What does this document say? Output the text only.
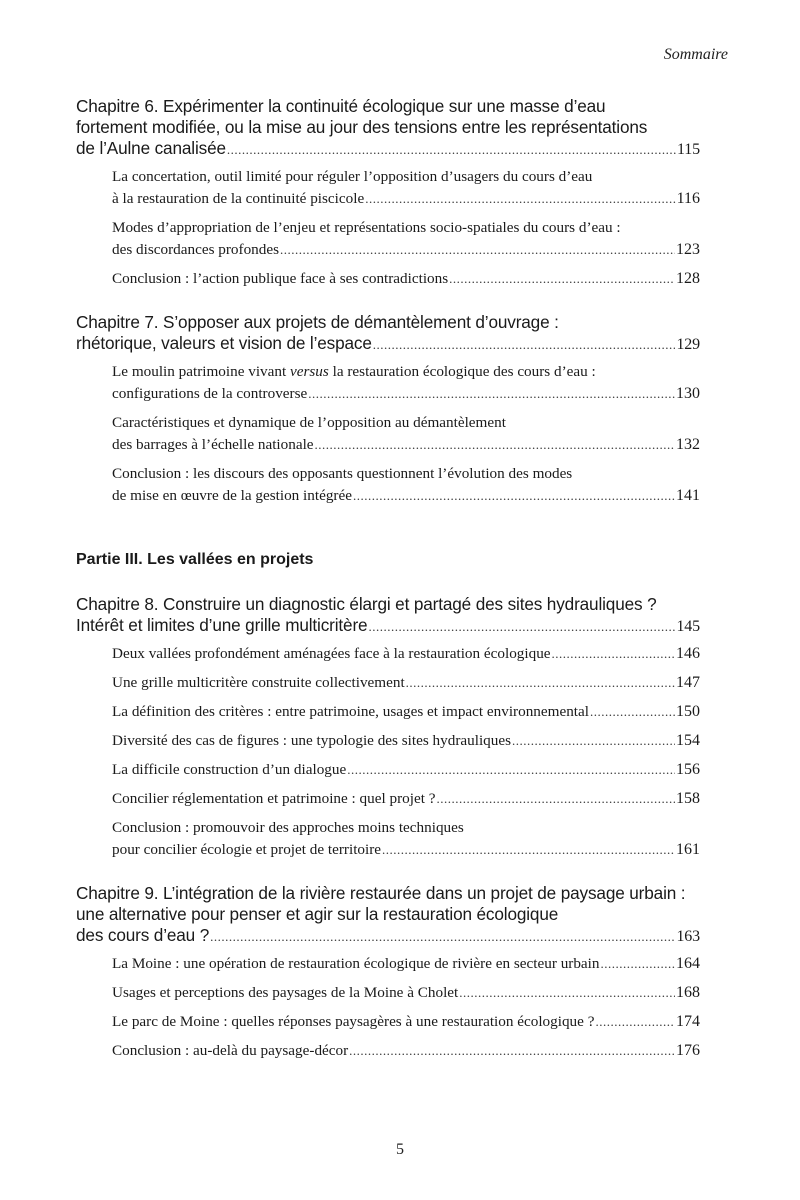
Sommaire
Chapitre 6. Expérimenter la continuité écologique sur une masse d’eau
fortement modifiée, ou la mise au jour des tensions entre les représentations
de l’Aulne canalisée .....	115
La concertation, outil limité pour réguler l’opposition d’usagers du cours d’eau
à la restauration de la continuité piscicole .....	116
Modes d’appropriation de l’enjeu et représentations socio-spatiales du cours d’eau :
des discordances profondes .....	123
Conclusion : l’action publique face à ses contradictions .....	128
Chapitre 7. S’opposer aux projets de démantèlement d’ouvrage :
rhétorique, valeurs et vision de l’espace .....	129
Le moulin patrimoine vivant versus la restauration écologique des cours d’eau :
configurations de la controverse .....	130
Caractéristiques et dynamique de l’opposition au démantèlement
des barrages à l’échelle nationale .....	132
Conclusion : les discours des opposants questionnent l’évolution des modes
de mise en œuvre de la gestion intégrée .....	141
Partie III. Les vallées en projets
Chapitre 8. Construire un diagnostic élargi et partagé des sites hydrauliques ?
Intérêt et limites d’une grille multicritère .....	145
Deux vallées profondément aménagées face à la restauration écologique .....	146
Une grille multicritère construite collectivement .....	147
La définition des critères : entre patrimoine, usages et impact environnemental .....	150
Diversité des cas de figures : une typologie des sites hydrauliques .....	154
La difficile construction d’un dialogue .....	156
Concilier réglementation et patrimoine : quel projet ? .....	158
Conclusion : promouvoir des approches moins techniques
pour concilier écologie et projet de territoire .....	161
Chapitre 9. L’intégration de la rivière restaurée dans un projet de paysage urbain :
une alternative pour penser et agir sur la restauration écologique
des cours d’eau ? .....	163
La Moine : une opération de restauration écologique de rivière en secteur urbain .....	164
Usages et perceptions des paysages de la Moine à Cholet .....	168
Le parc de Moine : quelles réponses paysagères à une restauration écologique ? .....	174
Conclusion : au-delà du paysage-décor .....	176
5
